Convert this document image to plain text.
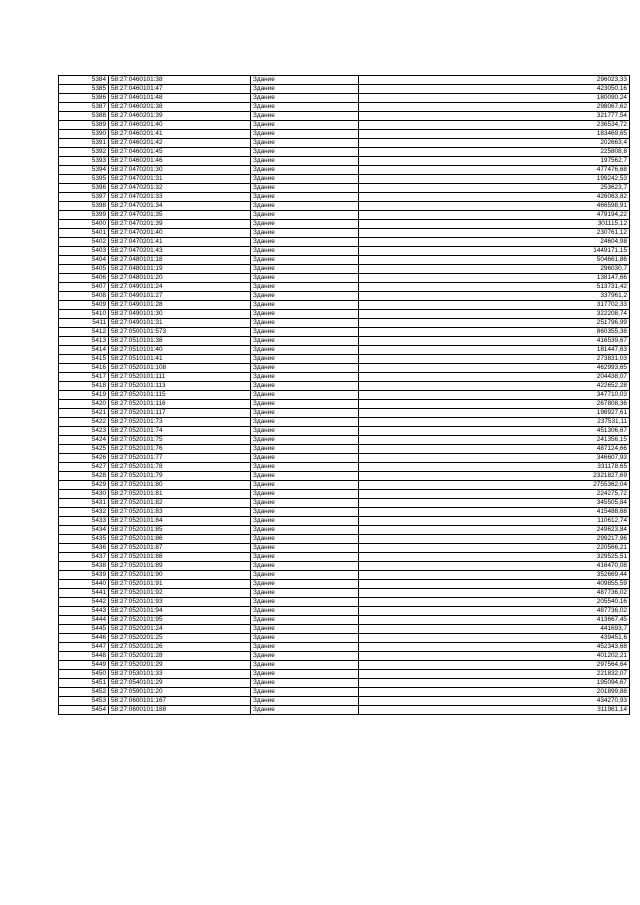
5384	58:27:0460101:38	Здание	296023,33
5385	58:27:0460101:47	Здание	423050,16
5386	58:27:0460101:48	Здание	180090,24
5387	58:27:0460201:38	Здание	298067,62
5388	58:27:0460201:39	Здание	321777,54
5389	58:27:0460201:40	Здание	236534,72
5390	58:27:0460201:41	Здание	183469,65
5391	58:27:0460201:42	Здание	202663,4
5392	58:27:0460201:45	Здание	225808,8
5393	58:27:0460201:46	Здание	197562,7
5394	58:27:0470201:30	Здание	477476,68
5395	58:27:0470201:31	Здание	199242,53
5396	58:27:0470201:32	Здание	253623,7
5397	58:27:0470201:33	Здание	426063,82
5398	58:27:0470201:34	Здание	466598,91
5399	58:27:0470201:35	Здание	479194,22
5400	58:27:0470201:39	Здание	301115,12
5401	58:27:0470201:40	Здание	230761,12
5402	58:27:0470201:41	Здание	24604,98
5403	58:27:0470201:43	Здание	1449171,15
5404	58:27:0480101:18	Здание	504661,86
5405	58:27:0480101:19	Здание	296030,7
5406	58:27:0480101:20	Здание	138147,66
5407	58:27:0490101:24	Здание	513731,42
5408	58:27:0490101:27	Здание	337961,2
5409	58:27:0490101:28	Здание	317702,33
5410	58:27:0490101:30	Здание	322208,74
5411	58:27:0490101:31	Здание	251796,99
5412	58:27:0500101:573	Здание	860355,38
5413	58:27:0510101:38	Здание	416539,67
5414	58:27:0510101:40	Здание	181447,63
5415	58:27:0510101:41	Здание	273831,03
5416	58:27:0520101:108	Здание	462993,65
5417	58:27:0520101:111	Здание	204438,07
5418	58:27:0520101:113	Здание	422652,28
5419	58:27:0520101:115	Здание	347710,03
5420	58:27:0520101:116	Здание	267808,36
5421	58:27:0520101:117	Здание	198927,61
5422	58:27:0520101:73	Здание	237531,11
5423	58:27:0520101:74	Здание	451306,67
5424	58:27:0520101:75	Здание	241356,15
5425	58:27:0520101:76	Здание	487124,66
5426	58:27:0520101:77	Здание	346607,93
5427	58:27:0520101:78	Здание	331178,65
5428	58:27:0520101:79	Здание	2321827,69
5429	58:27:0520101:80	Здание	2755362,04
5430	58:27:0520101:81	Здание	224275,72
5431	58:27:0520101:82	Здание	345505,84
5432	58:27:0520101:83	Здание	415488,68
5433	58:27:0520101:84	Здание	110612,74
5434	58:27:0520101:85	Здание	249623,84
5435	58:27:0520101:86	Здание	299217,96
5436	58:27:0520101:87	Здание	220566,21
5437	58:27:0520101:88	Здание	329525,51
5438	58:27:0520101:89	Здание	416470,08
5439	58:27:0520101:90	Здание	352669,44
5440	58:27:0520101:91	Здание	409855,59
5441	58:27:0520101:92	Здание	487736,02
5442	58:27:0520101:93	Здание	205540,16
5443	58:27:0520101:94	Здание	487736,02
5444	58:27:0520101:95	Здание	413667,45
5445	58:27:0520201:24	Здание	441693,7
5446	58:27:0520201:25	Здание	439451,6
5447	58:27:0520201:26	Здание	452343,68
5448	58:27:0520201:28	Здание	401202,21
5449	58:27:0520201:29	Здание	297564,64
5450	58:27:0530101:33	Здание	221832,07
5451	58:27:0540101:29	Здание	195094,67
5452	58:27:0590101:20	Здание	201899,88
5453	58:27:0600101:167	Здание	434270,93
5454	58:27:0600101:188	Здание	311961,14
